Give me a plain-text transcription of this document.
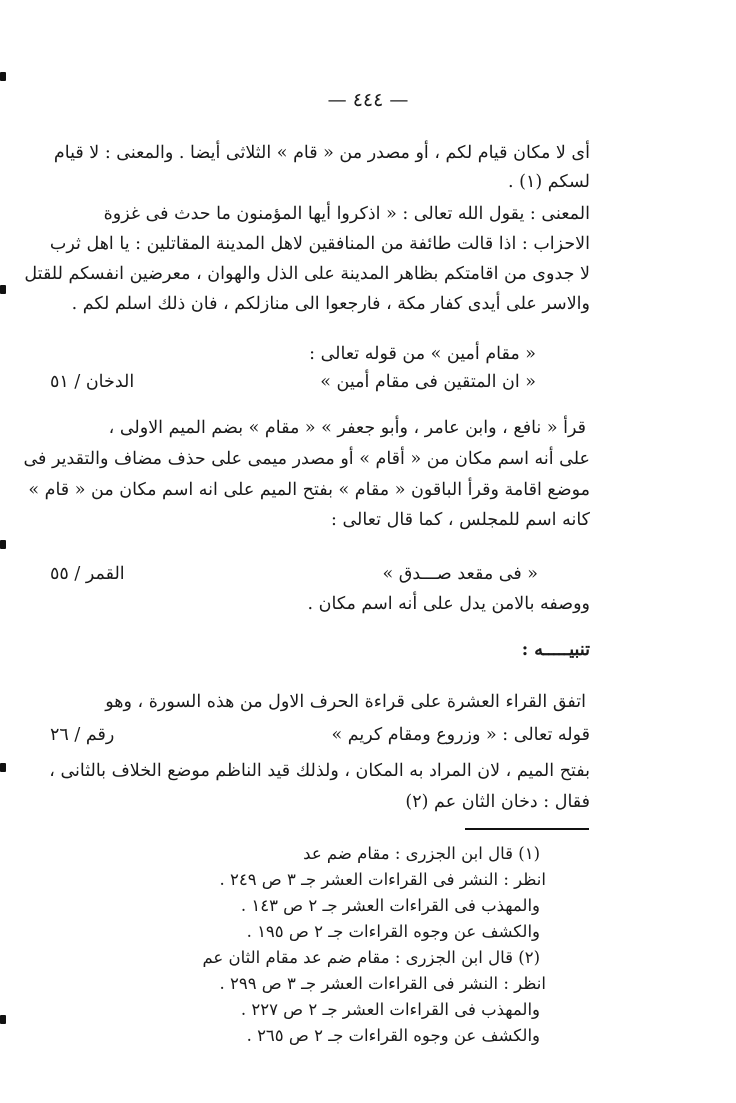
— ٤٤٤ —
أى لا مكان قيام لكم ، أو مصدر من « قام » الثلاثى أيضا . والمعنى : لا قيام
لسكم (١) .
المعنى : يقول الله تعالى : « اذكروا أيها المؤمنون ما حدث فى غزوة
الاحزاب : اذا قالت طائفة من المنافقين لاهل المدينة المقاتلين : يا اهل ثرب
لا جدوى من اقامتكم بظاهر المدينة على الذل والهوان ، معرضين انفسكم للقتل
والاسر على أيدى كفار مكة ، فارجعوا الى منازلكم ، فان ذلك اسلم لكم .
« مقام أمين » من قوله تعالى :
« ان المتقين فى مقام أمين »
الدخان / ٥١
قرأ « نافع ، وابن عامر ، وأبو جعفر » « مقام » بضم الميم الاولى ،
على أنه اسم مكان من « أقام » أو مصدر ميمى على حذف مضاف والتقدير فى
موضع اقامة وقرأ الباقون « مقام » بفتح الميم على انه اسم مكان من « قام »
كانه اسم للمجلس ، كما قال تعالى :
« فى مقعد صـــدق »
القمر / ٥٥
ووصفه بالامن يدل على أنه اسم مكان .
تنبيـــــه :
اتفق القراء العشرة على قراءة الحرف الاول من هذه السورة ، وهو
قوله تعالى : « وزروع ومقام كريم »
رقم / ٢٦
بفتح الميم ، لان المراد به المكان ، ولذلك قيد الناظم موضع الخلاف بالثانى ،
فقال : دخان الثان عم (٢)
(١) قال ابن الجزرى : مقام ضم عد
انظر : النشر فى القراءات العشر جـ ٣ ص ٢٤٩ .
والمهذب فى القراءات العشر جـ ٢ ص ١٤٣ .
والكشف عن وجوه القراءات جـ ٢ ص ١٩٥ .
(٢) قال ابن الجزرى : مقام ضم عد مقام الثان عم
انظر : النشر فى القراءات العشر جـ ٣ ص ٢٩٩ .
والمهذب فى القراءات العشر جـ ٢ ص ٢٢٧ .
والكشف عن وجوه القراءات جـ ٢ ص ٢٦٥ .
